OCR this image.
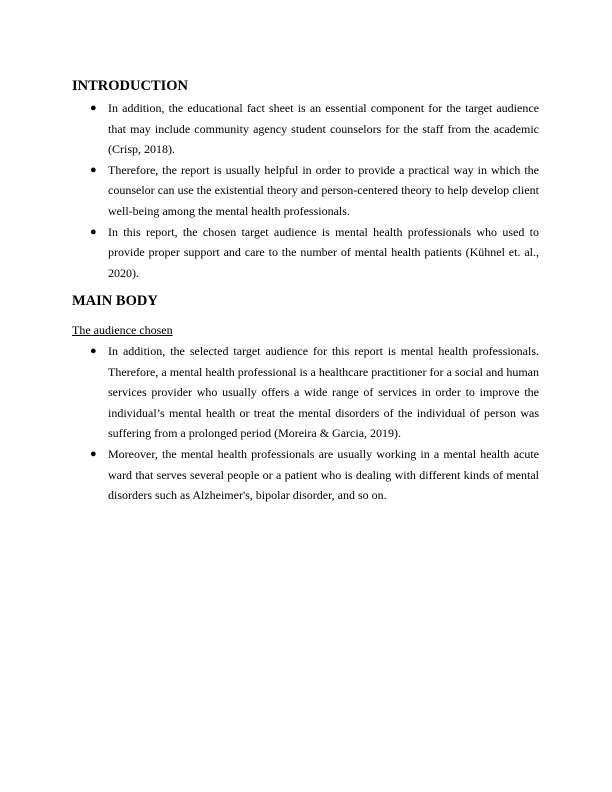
INTRODUCTION
● In addition, the educational fact sheet is an essential component for the target audience that may include community agency student counselors for the staff from the academic (Crisp, 2018).
● Therefore, the report is usually helpful in order to provide a practical way in which the counselor can use the existential theory and person-centered theory to help develop client well-being among the mental health professionals.
● In this report, the chosen target audience is mental health professionals who used to provide proper support and care to the number of mental health patients (Kühnel et. al., 2020).
MAIN BODY

The audience chosen

● In addition, the selected target audience for this report is mental health professionals. Therefore, a mental health professional is a healthcare practitioner for a social and human services provider who usually offers a wide range of services in order to improve the individual’s mental health or treat the mental disorders of the individual of person was suffering from a prolonged period (Moreira & Garcia, 2019).
● Moreover, the mental health professionals are usually working in a mental health acute ward that serves several people or a patient who is dealing with different kinds of mental disorders such as Alzheimer's, bipolar disorder, and so on.
